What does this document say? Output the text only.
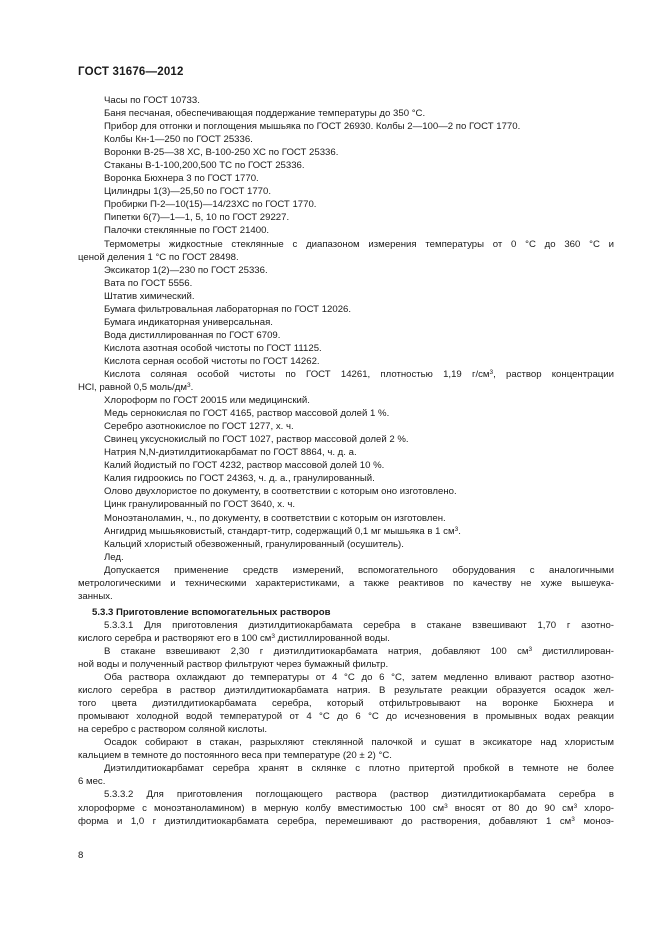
ГОСТ 31676—2012
Часы по ГОСТ 10733.
Баня песчаная, обеспечивающая поддержание температуры до 350 °С.
Прибор для отгонки и поглощения мышьяка по ГОСТ 26930. Колбы 2—100—2 по ГОСТ 1770.
Колбы Кн-1—250 по ГОСТ 25336.
Воронки В-25—38 ХС, В-100-250 ХС по ГОСТ 25336.
Стаканы В-1-100,200,500 ТС по ГОСТ 25336.
Воронка Бюхнера 3 по ГОСТ 1770.
Цилиндры 1(3)—25,50 по ГОСТ 1770.
Пробирки П-2—10(15)—14/23ХС по ГОСТ 1770.
Пипетки 6(7)—1—1, 5, 10 по ГОСТ 29227.
Палочки стеклянные по ГОСТ 21400.
Термометры жидкостные стеклянные с диапазоном измерения температуры от 0 °С до 360 °С и
ценой деления 1 °С по ГОСТ 28498.
Эксикатор 1(2)—230 по ГОСТ 25336.
Вата по ГОСТ 5556.
Штатив химический.
Бумага фильтровальная лабораторная по ГОСТ 12026.
Бумага индикаторная универсальная.
Вода дистиллированная по ГОСТ 6709.
Кислота азотная особой чистоты по ГОСТ 11125.
Кислота серная особой чистоты по ГОСТ 14262.
Кислота соляная особой чистоты по ГОСТ 14261, плотностью 1,19 $г/см^3$, раствор концентрации
HCl, равной 0,5 моль/$дм^3$.
Хлороформ по ГОСТ 20015 или медицинский.
Медь сернокислая по ГОСТ 4165, раствор массовой долей 1 %.
Серебро азотнокислое по ГОСТ 1277, х. ч.
Свинец уксуснокислый по ГОСТ 1027, раствор массовой долей 2 %.
Натрия N,N-диэтилдитиокарбамат по ГОСТ 8864, ч. д. а.
Калий йодистый по ГОСТ 4232, раствор массовой долей 10 %.
Калия гидроокись по ГОСТ 24363, ч. д. а., гранулированный.
Олово двухлористое по документу, в соответствии с которым оно изготовлено.
Цинк гранулированный по ГОСТ 3640, х. ч.
Моноэтаноламин, ч., по документу, в соответствии с которым он изготовлен.
Ангидрид мышьяковистый, стандарт-титр, содержащий 0,1 мг мышьяка в 1 $см^3$.
Кальций хлористый обезвоженный, гранулированный (осушитель).
Лед.
Допускается применение средств измерений, вспомогательного оборудования с аналогичными
метрологическими и техническими характеристиками, а также реактивов по качеству не хуже вышеука-
занных.
5.3.3 Приготовление вспомогательных растворов
5.3.3.1 Для приготовления диэтилдитиокарбамата серебра в стакане взвешивают 1,70 г азотно-
кислого серебра и растворяют его в 100 $см^3$ дистиллированной воды.
В стакане взвешивают 2,30 г диэтилдитиокарбамата натрия, добавляют 100 $см^3$ дистиллирован-
ной воды и полученный раствор фильтруют через бумажный фильтр.
Оба раствора охлаждают до температуры от 4 °С до 6 °С, затем медленно вливают раствор азотно-
кислого серебра в раствор диэтилдитиокарбамата натрия. В результате реакции образуется осадок жел-
того цвета диэтилдитиокарбамата серебра, который отфильтровывают на воронке Бюхнера и
промывают холодной водой температурой от 4 °С до 6 °С до исчезновения в промывных водах реакции
на серебро с раствором соляной кислоты.
Осадок собирают в стакан, разрыхляют стеклянной палочкой и сушат в эксикаторе над хлористым
кальцием в темноте до постоянного веса при температуре (20 ± 2) °С.
Диэтилдитиокарбамат серебра хранят в склянке с плотно притертой пробкой в темноте не более
6 мес.
5.3.3.2 Для приготовления поглощающего раствора (раствор диэтилдитиокарбамата серебра в
хлороформе с моноэтаноламином) в мерную колбу вместимостью 100 $см^3$ вносят от 80 до 90 $см^3$ хлоро-
форма и 1,0 г диэтилдитиокарбамата серебра, перемешивают до растворения, добавляют 1 $см^3$ моноэ-
8
